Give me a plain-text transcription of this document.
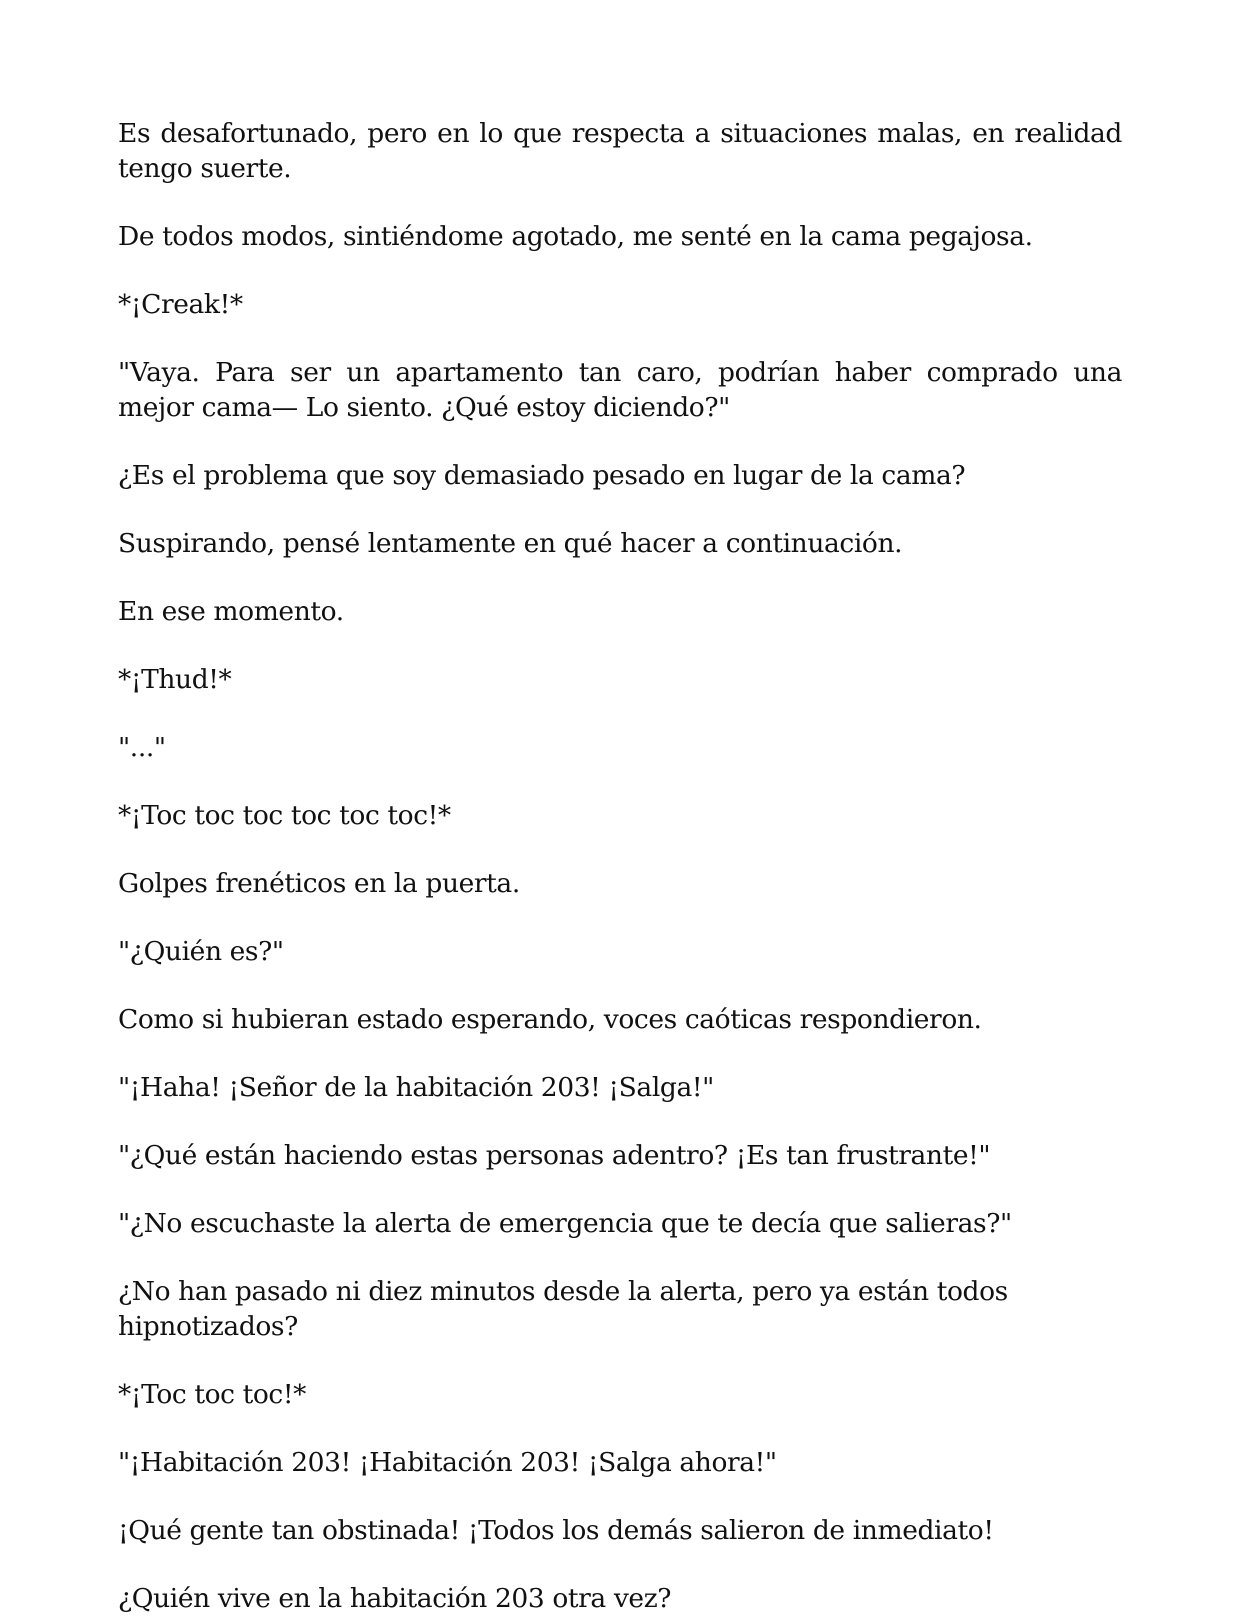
Es desafortunado, pero en lo que respecta a situaciones malas, en realidad tengo suerte.

De todos modos, sintiéndome agotado, me senté en la cama pegajosa.

*¡Creak!*

"Vaya. Para ser un apartamento tan caro, podrían haber comprado una mejor cama— Lo siento. ¿Qué estoy diciendo?"

¿Es el problema que soy demasiado pesado en lugar de la cama?

Suspirando, pensé lentamente en qué hacer a continuación.

En ese momento.

*¡Thud!*

"..."

*¡Toc toc toc toc toc toc!*

Golpes frenéticos en la puerta.

"¿Quién es?"

Como si hubieran estado esperando, voces caóticas respondieron.

"¡Haha! ¡Señor de la habitación 203! ¡Salga!"

"¿Qué están haciendo estas personas adentro? ¡Es tan frustrante!"

"¿No escuchaste la alerta de emergencia que te decía que salieras?"

¿No han pasado ni diez minutos desde la alerta, pero ya están todos hipnotizados?

*¡Toc toc toc!*

"¡Habitación 203! ¡Habitación 203! ¡Salga ahora!"

¡Qué gente tan obstinada! ¡Todos los demás salieron de inmediato!

¿Quién vive en la habitación 203 otra vez?
